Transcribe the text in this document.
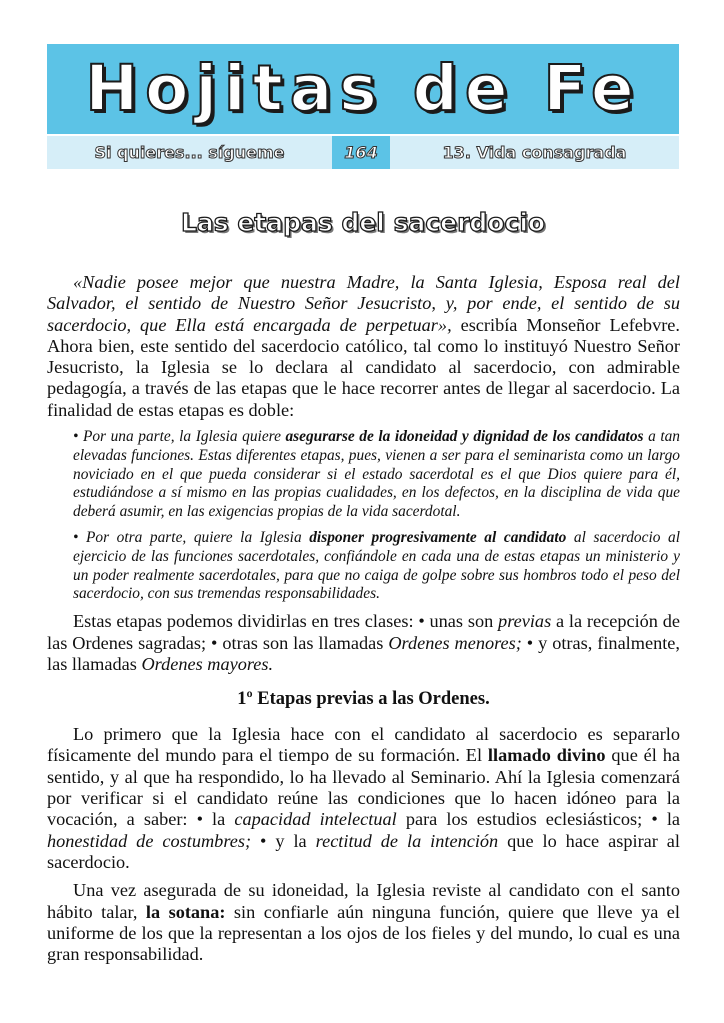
Hojitas de Fe
Si quieres... sígueme	164	13. Vida consagrada
Las etapas del sacerdocio

«Nadie posee mejor que nuestra Madre, la Santa Iglesia, Esposa real del Salvador, el sentido de Nuestro Señor Jesucristo, y, por ende, el sentido de su sacerdocio, que Ella está encargada de perpetuar», escribía Monseñor Lefebvre. Ahora bien, este sentido del sacerdocio católico, tal como lo instituyó Nuestro Señor Jesucristo, la Iglesia se lo declara al candidato al sacerdocio, con admirable pedagogía, a través de las etapas que le hace recorrer antes de llegar al sacerdocio. La finalidad de estas etapas es doble:

• Por una parte, la Iglesia quiere asegurarse de la idoneidad y dignidad de los candidatos a tan elevadas funciones. Estas diferentes etapas, pues, vienen a ser para el seminarista como un largo noviciado en el que pueda considerar si el estado sacerdotal es el que Dios quiere para él, estudiándose a sí mismo en las propias cualidades, en los defectos, en la disciplina de vida que deberá asumir, en las exigencias propias de la vida sacerdotal.

• Por otra parte, quiere la Iglesia disponer progresivamente al candidato al sacerdocio al ejercicio de las funciones sacerdotales, confiándole en cada una de estas etapas un ministerio y un poder realmente sacerdotales, para que no caiga de golpe sobre sus hombros todo el peso del sacerdocio, con sus tremendas responsabilidades.

Estas etapas podemos dividirlas en tres clases: • unas son previas a la recepción de las Ordenes sagradas; • otras son las llamadas Ordenes menores; • y otras, finalmente, las llamadas Ordenes mayores.

1º Etapas previas a las Ordenes.

Lo primero que la Iglesia hace con el candidato al sacerdocio es separarlo físicamente del mundo para el tiempo de su formación. El llamado divino que él ha sentido, y al que ha respondido, lo ha llevado al Seminario. Ahí la Iglesia comenzará por verificar si el candidato reúne las condiciones que lo hacen idóneo para la vocación, a saber: • la capacidad intelectual para los estudios eclesiásticos; • la honestidad de costumbres; • y la rectitud de la intención que lo hace aspirar al sacerdocio.

Una vez asegurada de su idoneidad, la Iglesia reviste al candidato con el santo hábito talar, la sotana: sin confiarle aún ninguna función, quiere que lleve ya el uniforme de los que la representan a los ojos de los fieles y del mundo, lo cual es una gran responsabilidad.
